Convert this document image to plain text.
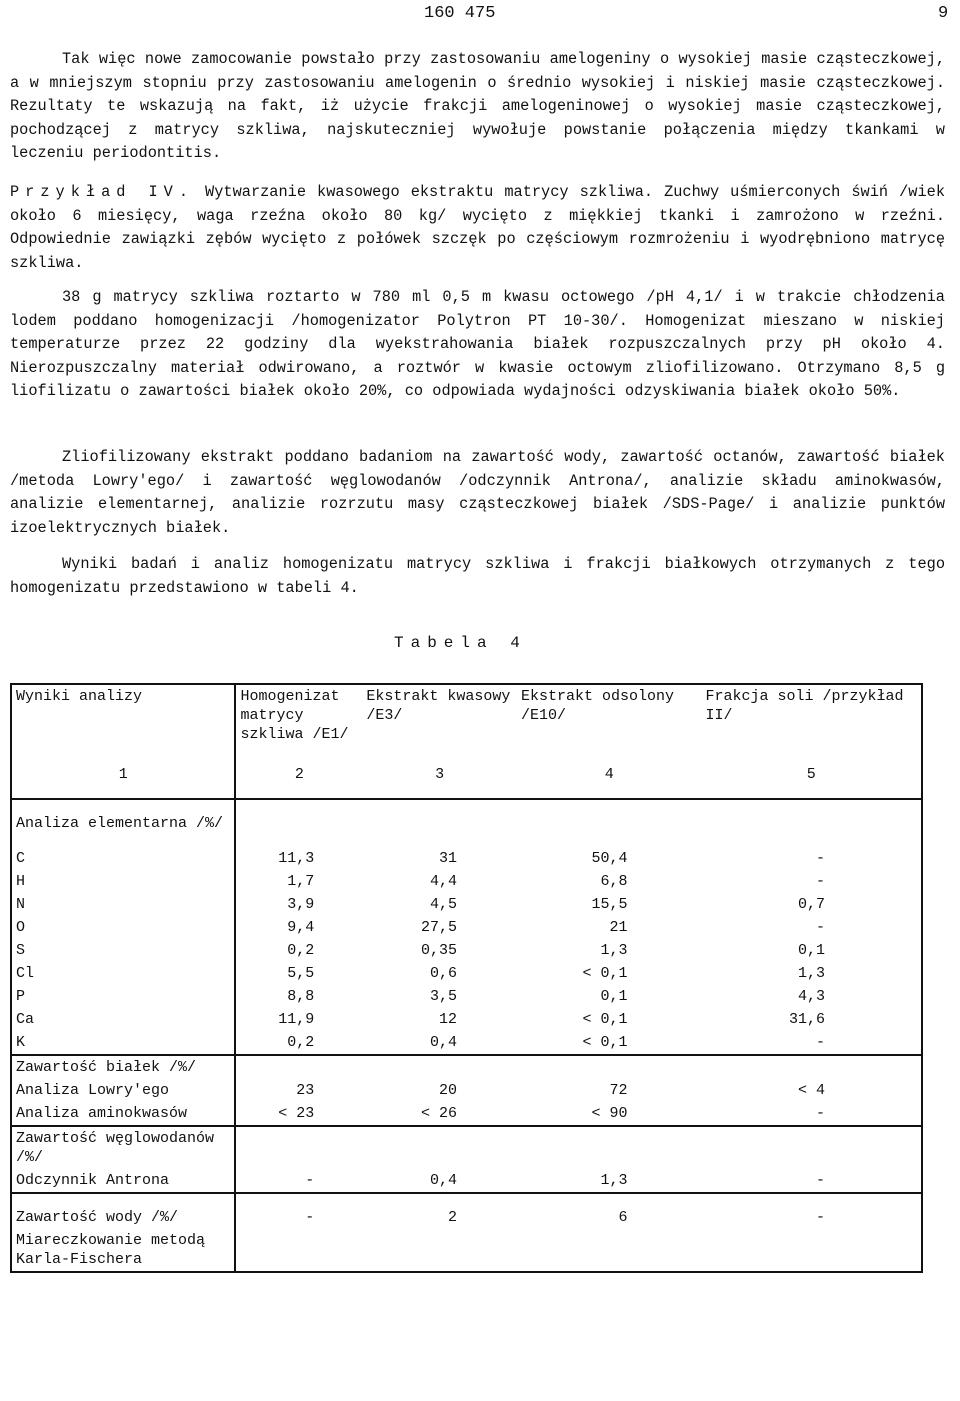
160 475	9

Tak więc nowe zamocowanie powstało przy zastosowaniu amelogeniny o wysokiej masie cząsteczkowej, a w mniejszym stopniu przy zastosowaniu amelogenin o średnio wysokiej i niskiej masie cząsteczkowej. Rezultaty te wskazują na fakt, iż użycie frakcji amelogeninowej o wysokiej masie cząsteczkowej, pochodzącej z matrycy szkliwa, najskuteczniej wywołuje powstanie połączenia między tkankami w leczeniu periodontitis.

Przykład IV. Wytwarzanie kwasowego ekstraktu matrycy szkliwa. Zuchwy uśmierconych świń /wiek około 6 miesięcy, waga rzeźna około 80 kg/ wycięto z miękkiej tkanki i zamrożono w rzeźni. Odpowiednie zawiązki zębów wycięto z połówek szczęk po częściowym rozmrożeniu i wyodrębniono matrycę szkliwa.

38 g matrycy szkliwa roztarto w 780 ml 0,5 m kwasu octowego /pH 4,1/ i w trakcie chłodzenia lodem poddano homogenizacji /homogenizator Polytron PT 10-30/. Homogenizat mieszano w niskiej temperaturze przez 22 godziny dla wyekstrahowania białek rozpuszczalnych przy pH około 4. Nierozpuszczalny materiał odwirowano, a roztwór w kwasie octowym zliofilizowano. Otrzymano 8,5 g liofilizatu o zawartości białek około 20%, co odpowiada wydajności odzyskiwania białek około 50%.

Zliofilizowany ekstrakt poddano badaniom na zawartość wody, zawartość octanów, zawartość białek /metoda Lowry'ego/ i zawartość węglowodanów /odczynnik Antrona/, analizie składu aminokwasów, analizie elementarnej, analizie rozrzutu masy cząsteczkowej białek /SDS-Page/ i analizie punktów izoelektrycznych białek.

Wyniki badań i analiz homogenizatu matrycy szkliwa i frakcji białkowych otrzymanych z tego homogenizatu przedstawiono w tabeli 4.

Tabela 4
Wyniki analizy	Homogenizat matrycy szkliwa /E1/	Ekstrakt kwasowy /E3/	Ekstrakt odsolony /E10/	Frakcja soli /przykład II/
1	2	3	4	5

Analiza elementarna /%/				

C	11,3	31	50,4	-
H	1,7	4,4	6,8	-
N	3,9	4,5	15,5	0,7
O	9,4	27,5	21	-
S	0,2	0,35	1,3	0,1
Cl	5,5	0,6	< 0,1	1,3
P	8,8	3,5	0,1	4,3
Ca	11,9	12	< 0,1	31,6
K	0,2	0,4	< 0,1	-
Zawartość białek /%/				
Analiza Lowry'ego	23	20	72	< 4
Analiza aminokwasów	< 23	< 26	< 90	-
Zawartość węglowodanów /%/				
Odczynnik Antrona	-	0,4	1,3	-

Zawartość wody /%/	-	2	6	-
Miareczkowanie metodą Karla-Fischera				
